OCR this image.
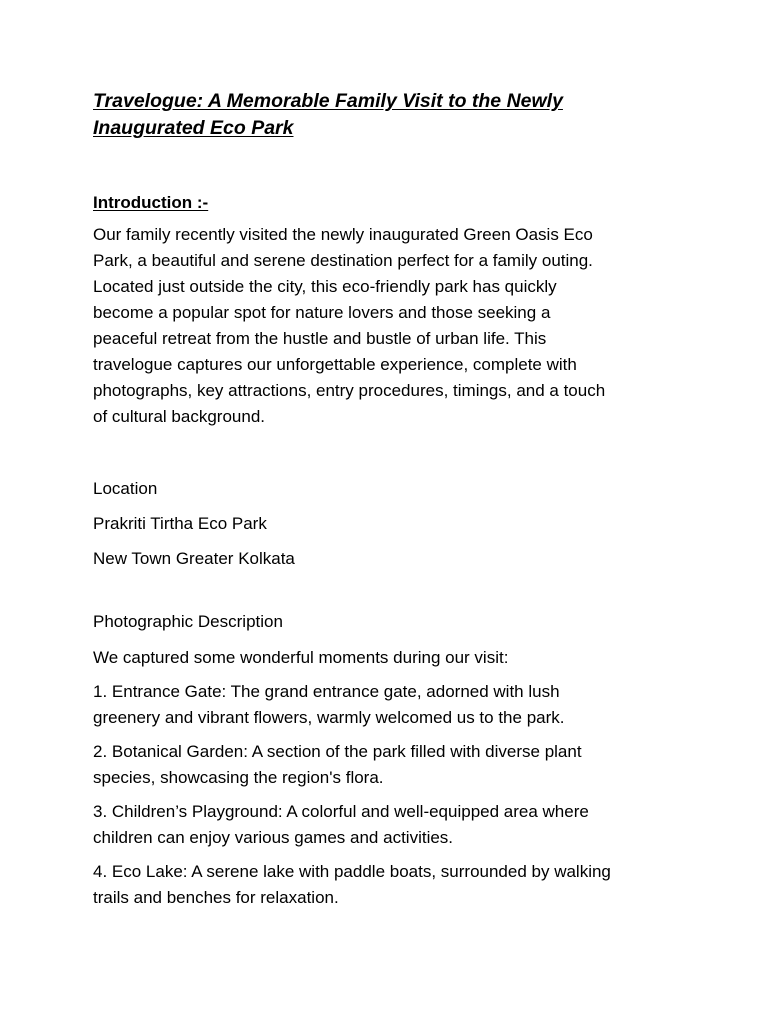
Travelogue: A Memorable Family Visit to the Newly
Inaugurated Eco Park
Introduction :-

Our family recently visited the newly inaugurated Green Oasis Eco
Park, a beautiful and serene destination perfect for a family outing.
Located just outside the city, this eco-friendly park has quickly
become a popular spot for nature lovers and those seeking a
peaceful retreat from the hustle and bustle of urban life. This
travelogue captures our unforgettable experience, complete with
photographs, key attractions, entry procedures, timings, and a touch
of cultural background.

Location

Prakriti Tirtha Eco Park

New Town Greater Kolkata

Photographic Description

We captured some wonderful moments during our visit:

1. Entrance Gate: The grand entrance gate, adorned with lush
greenery and vibrant flowers, warmly welcomed us to the park.

2. Botanical Garden: A section of the park filled with diverse plant
species, showcasing the region's flora.

3. Children’s Playground: A colorful and well-equipped area where
children can enjoy various games and activities.

4. Eco Lake: A serene lake with paddle boats, surrounded by walking
trails and benches for relaxation.
